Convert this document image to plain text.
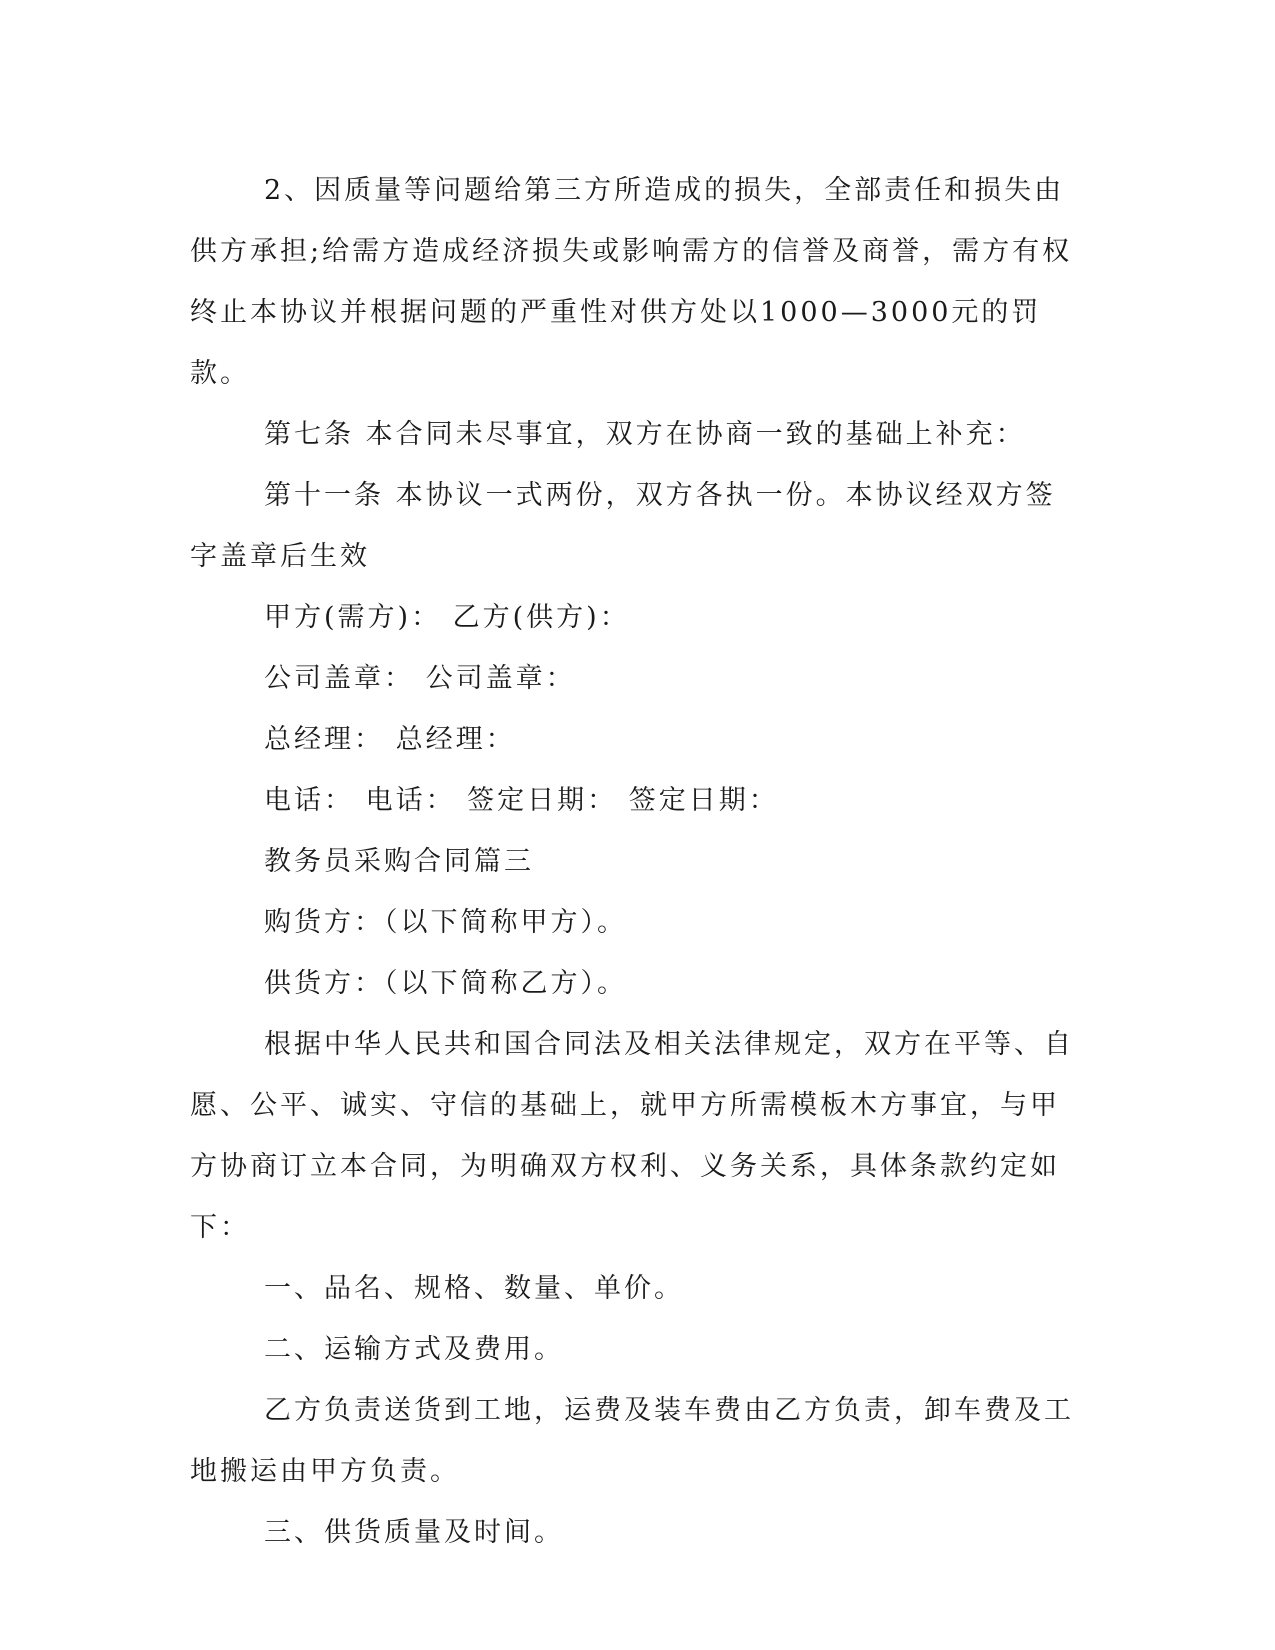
2、因质量等问题给第三方所造成的损失，全部责任和损失由供方承担;给需方造成经济损失或影响需方的信誉及商誉，需方有权终止本协议并根据问题的严重性对供方处以1000—3000元的罚款。

第七条 本合同未尽事宜，双方在协商一致的基础上补充：

第十一条 本协议一式两份，双方各执一份。本协议经双方签字盖章后生效

甲方(需方)： 乙方(供方)：

公司盖章： 公司盖章：

总经理： 总经理：

电话： 电话： 签定日期： 签定日期：

教务员采购合同篇三

购货方：（以下简称甲方）。

供货方：（以下简称乙方）。

根据中华人民共和国合同法及相关法律规定，双方在平等、自愿、公平、诚实、守信的基础上，就甲方所需模板木方事宜，与甲方协商订立本合同，为明确双方权利、义务关系，具体条款约定如下：

一、品名、规格、数量、单价。

二、运输方式及费用。

乙方负责送货到工地，运费及装车费由乙方负责，卸车费及工地搬运由甲方负责。

三、供货质量及时间。
